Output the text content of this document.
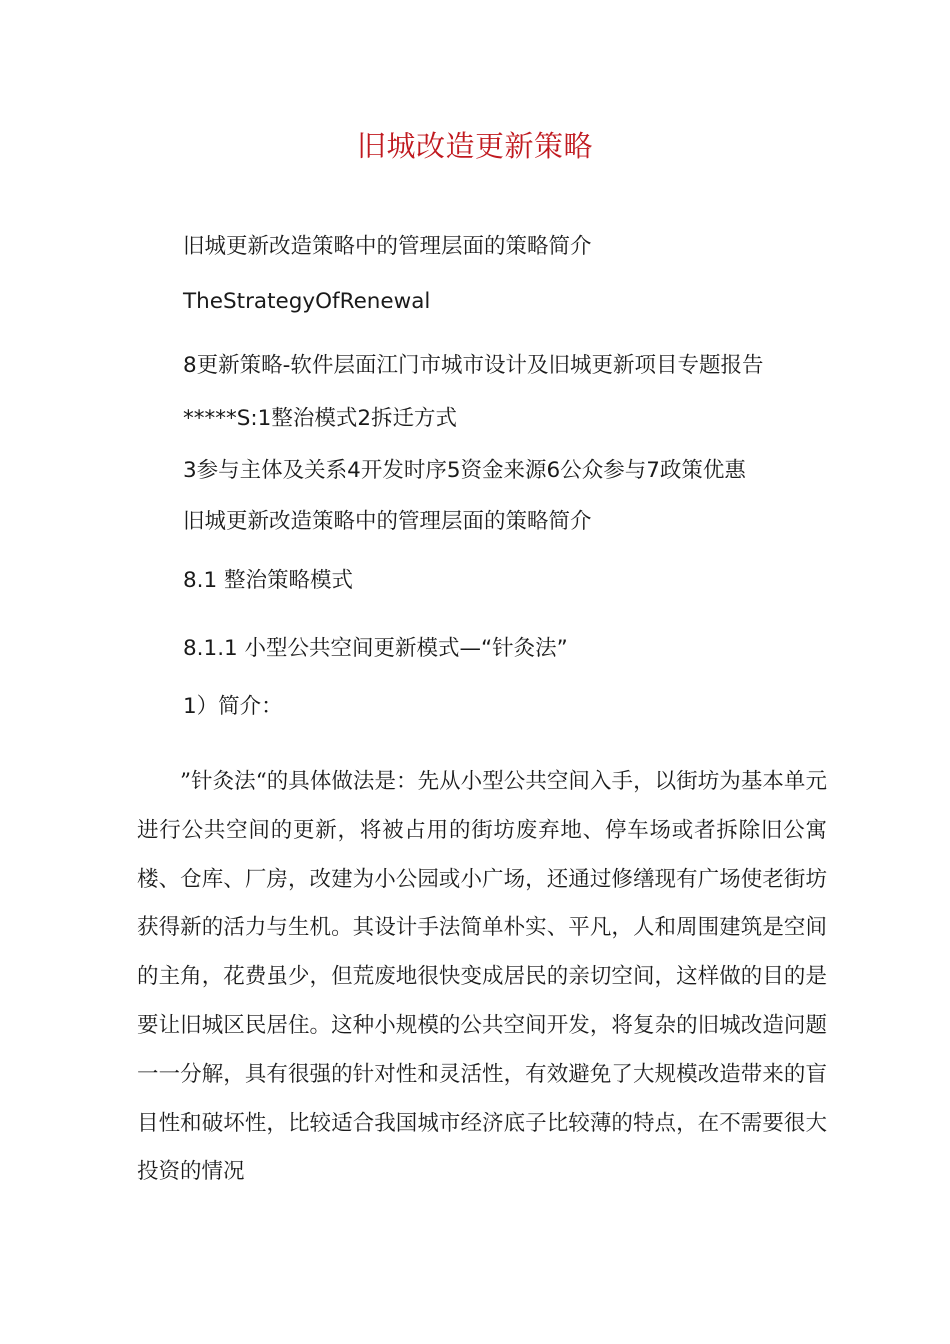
旧城改造更新策略
旧城更新改造策略中的管理层面的策略简介
TheStrategyOfRenewal
8更新策略-软件层面江门市城市设计及旧城更新项目专题报告
*****S:1整治模式2拆迁方式
3参与主体及关系4开发时序5资金来源6公众参与7政策优惠
旧城更新改造策略中的管理层面的策略简介
8.1 整治策略模式
8.1.1 小型公共空间更新模式—“针灸法”
1）简介：

”针灸法“的具体做法是：先从小型公共空间入手，以街坊为基本单元进行公共空间的更新，将被占用的街坊废弃地、停车场或者拆除旧公寓楼、仓库、厂房，改建为小公园或小广场，还通过修缮现有广场使老街坊获得新的活力与生机。其设计手法简单朴实、平凡，人和周围建筑是空间的主角，花费虽少，但荒废地很快变成居民的亲切空间，这样做的目的是要让旧城区民居住。这种小规模的公共空间开发，将复杂的旧城改造问题一一分解，具有很强的针对性和灵活性，有效避免了大规模改造带来的盲目性和破坏性，比较适合我国城市经济底子比较薄的特点，在不需要很大投资的情况
